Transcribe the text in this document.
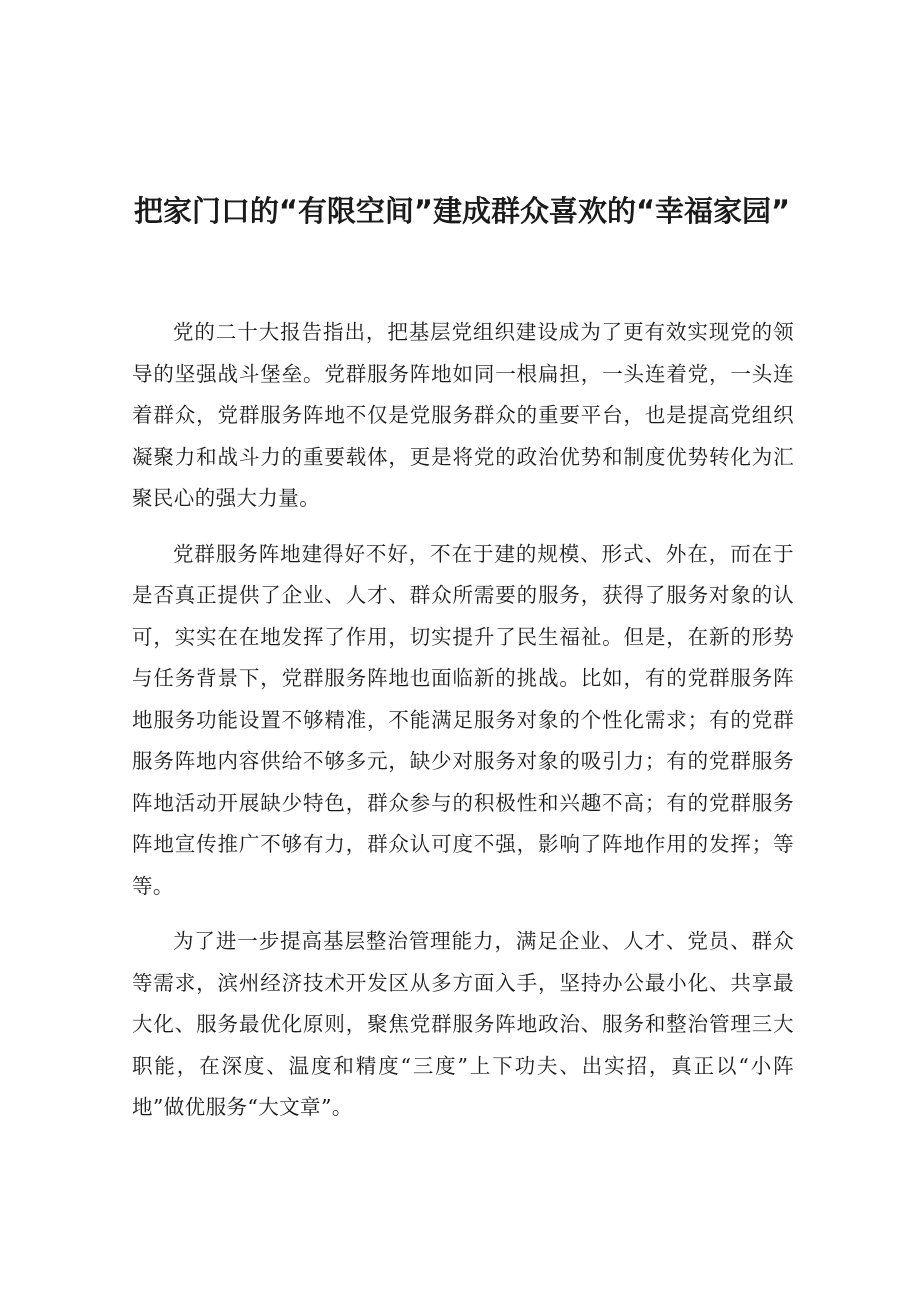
把家门口的“有限空间”建成群众喜欢的“幸福家园”

党的二十大报告指出，把基层党组织建设成为了更有效实现党的领导的坚强战斗堡垒。党群服务阵地如同一根扁担，一头连着党，一头连着群众，党群服务阵地不仅是党服务群众的重要平台，也是提高党组织凝聚力和战斗力的重要载体，更是将党的政治优势和制度优势转化为汇聚民心的强大力量。

党群服务阵地建得好不好，不在于建的规模、形式、外在，而在于是否真正提供了企业、人才、群众所需要的服务，获得了服务对象的认可，实实在在地发挥了作用，切实提升了民生福祉。但是，在新的形势与任务背景下，党群服务阵地也面临新的挑战。比如，有的党群服务阵地服务功能设置不够精准，不能满足服务对象的个性化需求；有的党群服务阵地内容供给不够多元，缺少对服务对象的吸引力；有的党群服务阵地活动开展缺少特色，群众参与的积极性和兴趣不高；有的党群服务阵地宣传推广不够有力，群众认可度不强，影响了阵地作用的发挥；等等。

为了进一步提高基层整治管理能力，满足企业、人才、党员、群众等需求，滨州经济技术开发区从多方面入手，坚持办公最小化、共享最大化、服务最优化原则，聚焦党群服务阵地政治、服务和整治管理三大职能，在深度、温度和精度“三度”上下功夫、出实招，真正以“小阵地”做优服务“大文章”。
